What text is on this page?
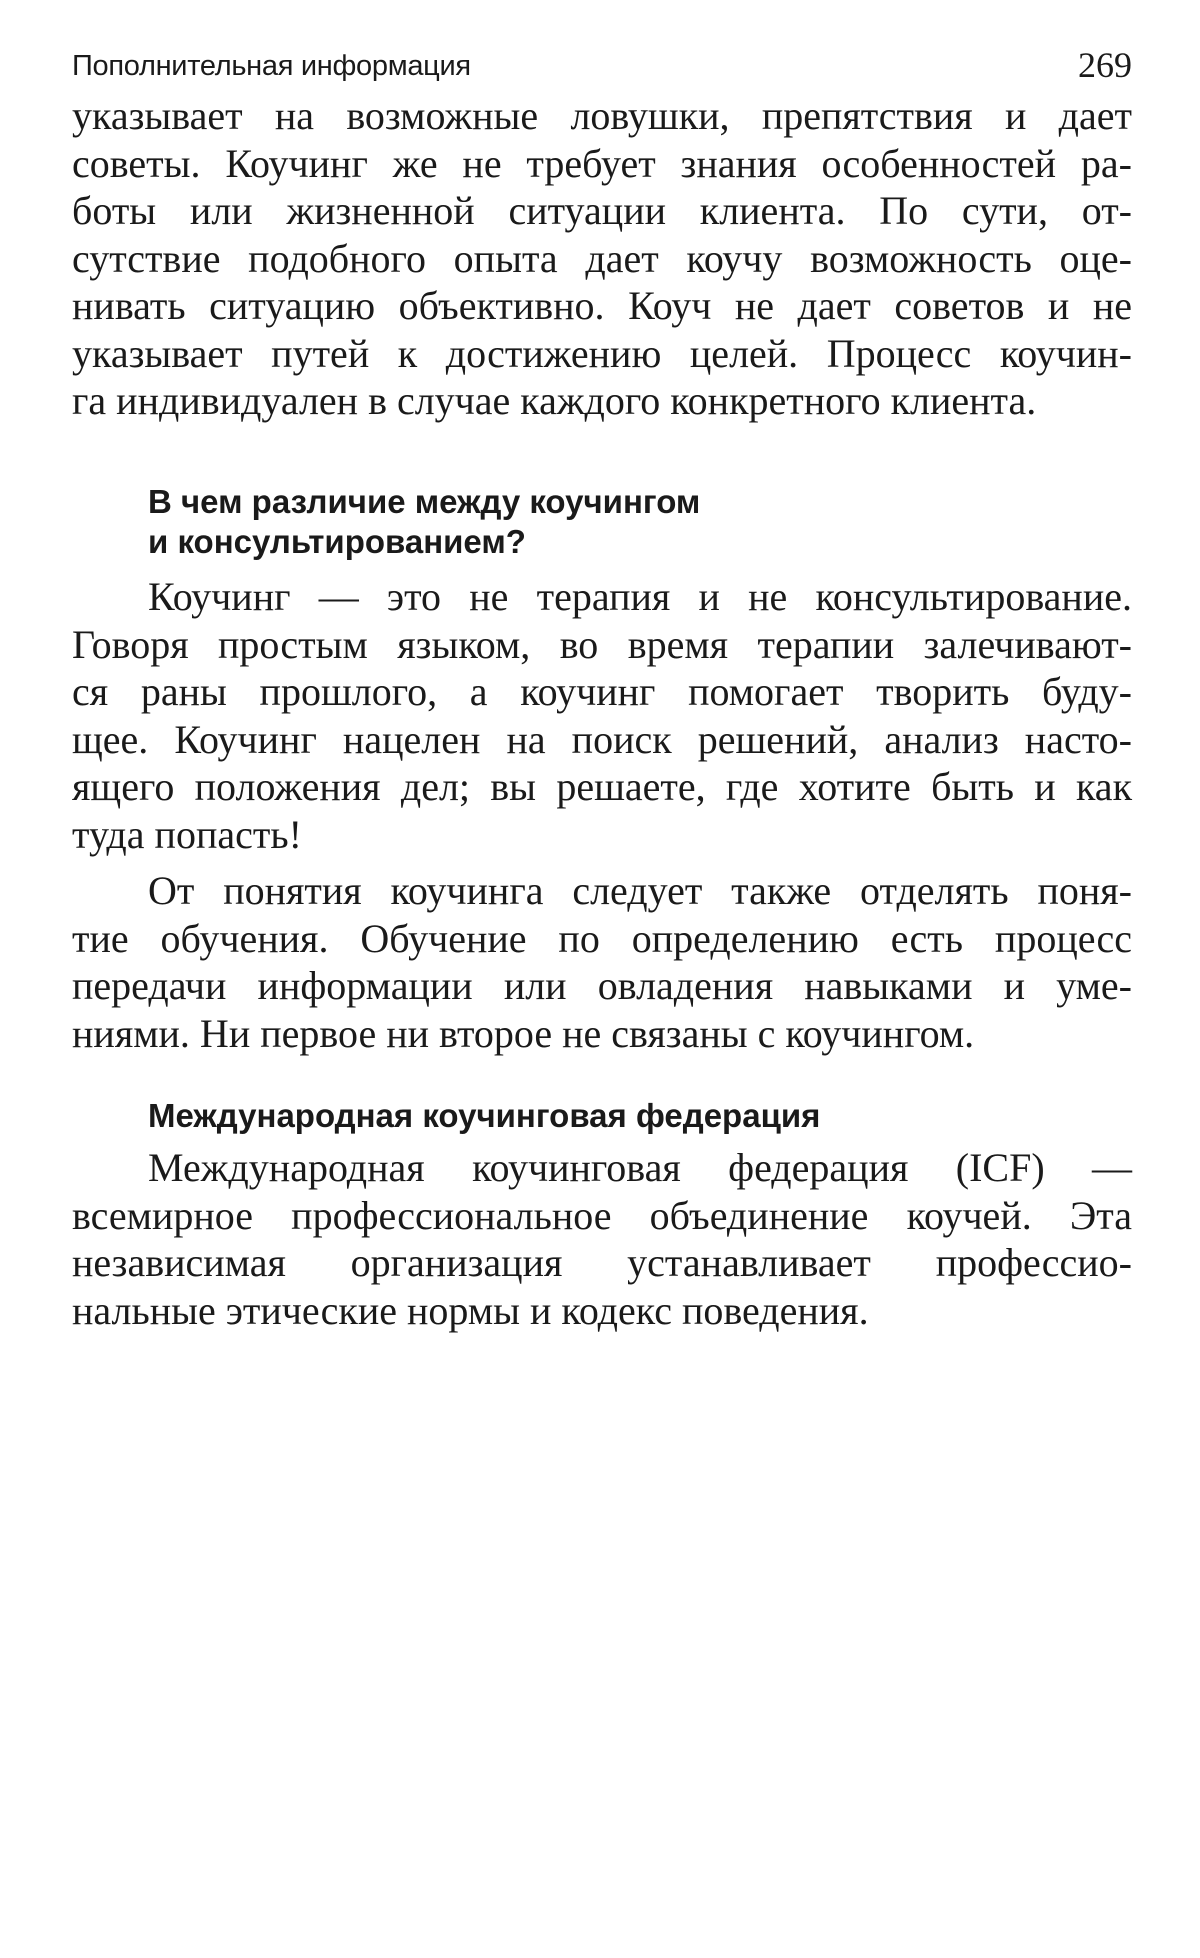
Пополнительная информация	269
указывает на возможные ловушки, препятствия и дает
советы. Коучинг же не требует знания особенностей ра-
боты или жизненной ситуации клиента. По сути, от-
сутствие подобного опыта дает коучу возможность оце-
нивать ситуацию объективно. Коуч не дает советов и не
указывает путей к достижению целей. Процесс коучин-
га индивидуален в случае каждого конкретного клиента.
В чем различие между коучингом
и консультированием?
Коучинг — это не терапия и не консультирование.
Говоря простым языком, во время терапии залечивают-
ся раны прошлого, а коучинг помогает творить буду-
щее. Коучинг нацелен на поиск решений, анализ насто-
ящего положения дел; вы решаете, где хотите быть и как
туда попасть!
От понятия коучинга следует также отделять поня-
тие обучения. Обучение по определению есть процесс
передачи информации или овладения навыками и уме-
ниями. Ни первое ни второе не связаны с коучингом.
Международная коучинговая федерация
Международная коучинговая федерация (ICF) —
всемирное профессиональное объединение коучей. Эта
независимая организация устанавливает профессио-
нальные этические нормы и кодекс поведения.
